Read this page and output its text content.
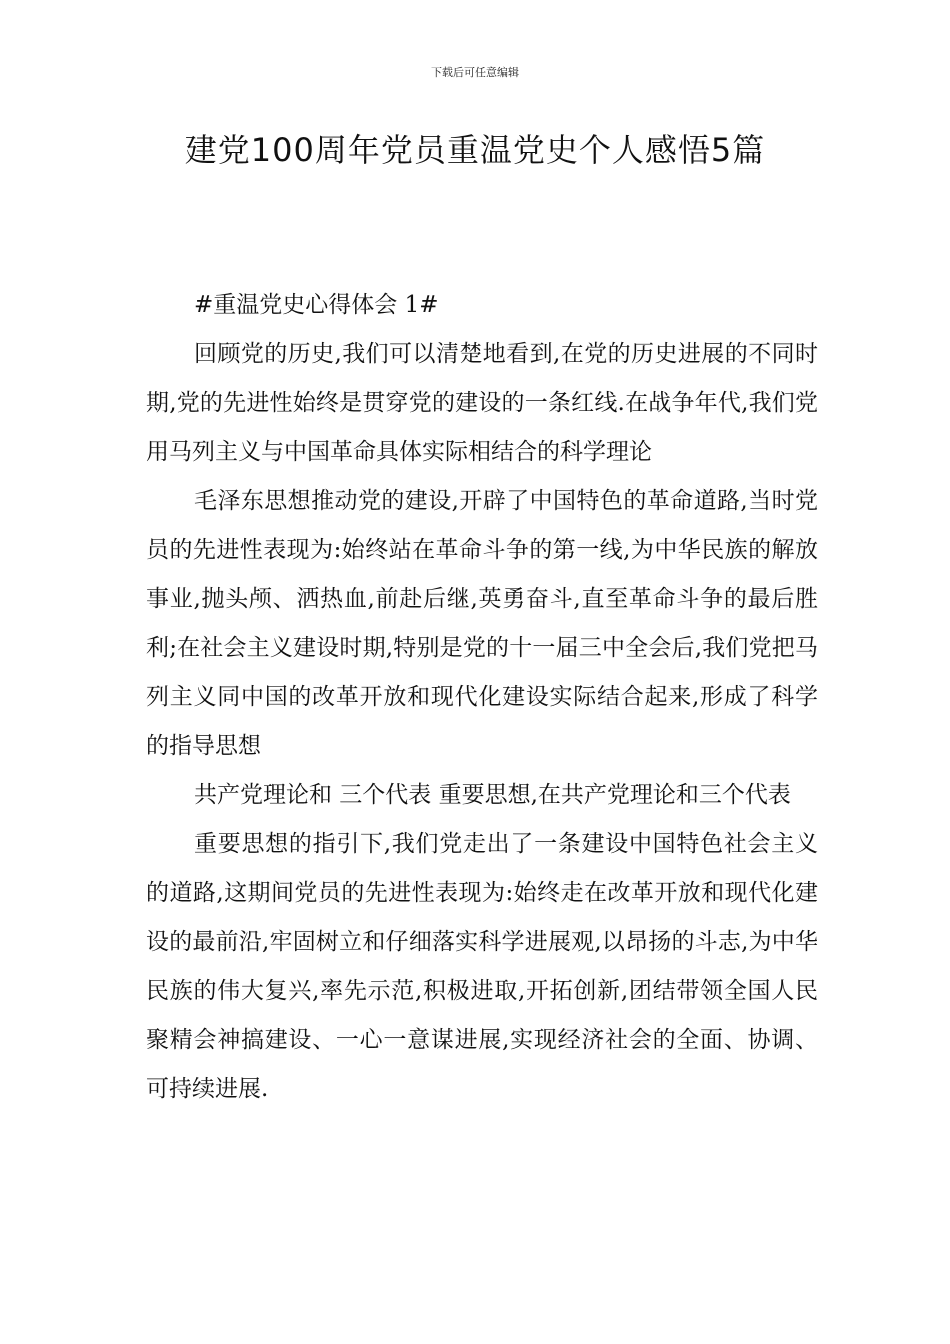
下载后可任意编辑
建党100周年党员重温党史个人感悟5篇

#重温党史心得体会 1#

回顾党的历史,我们可以清楚地看到,在党的历史进展的不同时期,党的先进性始终是贯穿党的建设的一条红线.在战争年代,我们党用马列主义与中国革命具体实际相结合的科学理论

毛泽东思想推动党的建设,开辟了中国特色的革命道路,当时党员的先进性表现为:始终站在革命斗争的第一线,为中华民族的解放事业,抛头颅、洒热血,前赴后继,英勇奋斗,直至革命斗争的最后胜利;在社会主义建设时期,特别是党的十一届三中全会后,我们党把马列主义同中国的改革开放和现代化建设实际结合起来,形成了科学的指导思想

共产党理论和 三个代表 重要思想,在共产党理论和三个代表

重要思想的指引下,我们党走出了一条建设中国特色社会主义的道路,这期间党员的先进性表现为:始终走在改革开放和现代化建设的最前沿,牢固树立和仔细落实科学进展观,以昂扬的斗志,为中华民族的伟大复兴,率先示范,积极进取,开拓创新,团结带领全国人民聚精会神搞建设、一心一意谋进展,实现经济社会的全面、协调、可持续进展.
